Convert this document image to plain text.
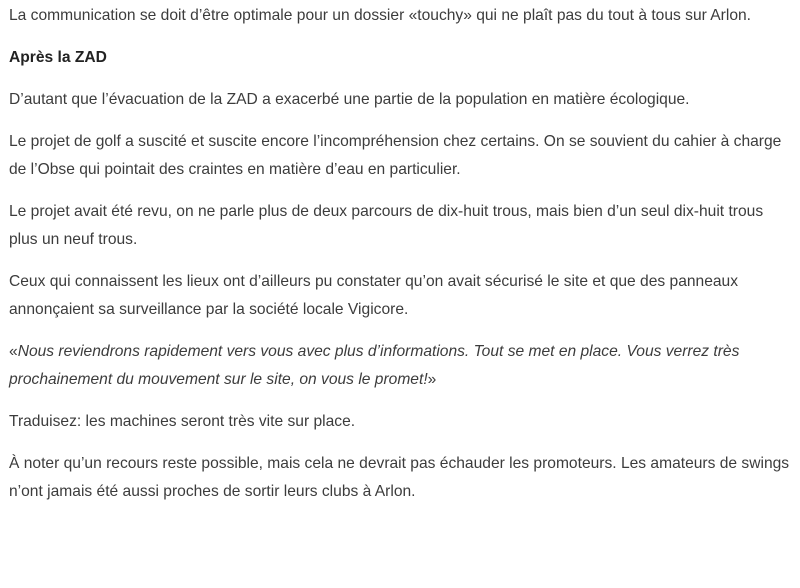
La communication se doit d’être optimale pour un dossier «touchy» qui ne plaît pas du tout à tous sur Arlon.

Après la ZAD

D’autant que l’évacuation de la ZAD a exacerbé une partie de la population en matière écologique.

Le projet de golf a suscité et suscite encore l’incompréhension chez certains. On se souvient du cahier à charge de l’Obse qui pointait des craintes en matière d’eau en particulier.

Le projet avait été revu, on ne parle plus de deux parcours de dix-huit trous, mais bien d’un seul dix-huit trous plus un neuf trous.

Ceux qui connaissent les lieux ont d’ailleurs pu constater qu’on avait sécurisé le site et que des panneaux annonçaient sa surveillance par la société locale Vigicore.

«Nous reviendrons rapidement vers vous avec plus d’informations. Tout se met en place. Vous verrez très prochainement du mouvement sur le site, on vous le promet!»

Traduisez: les machines seront très vite sur place.

À noter qu’un recours reste possible, mais cela ne devrait pas échauder les promoteurs. Les amateurs de swings n’ont jamais été aussi proches de sortir leurs clubs à Arlon.
